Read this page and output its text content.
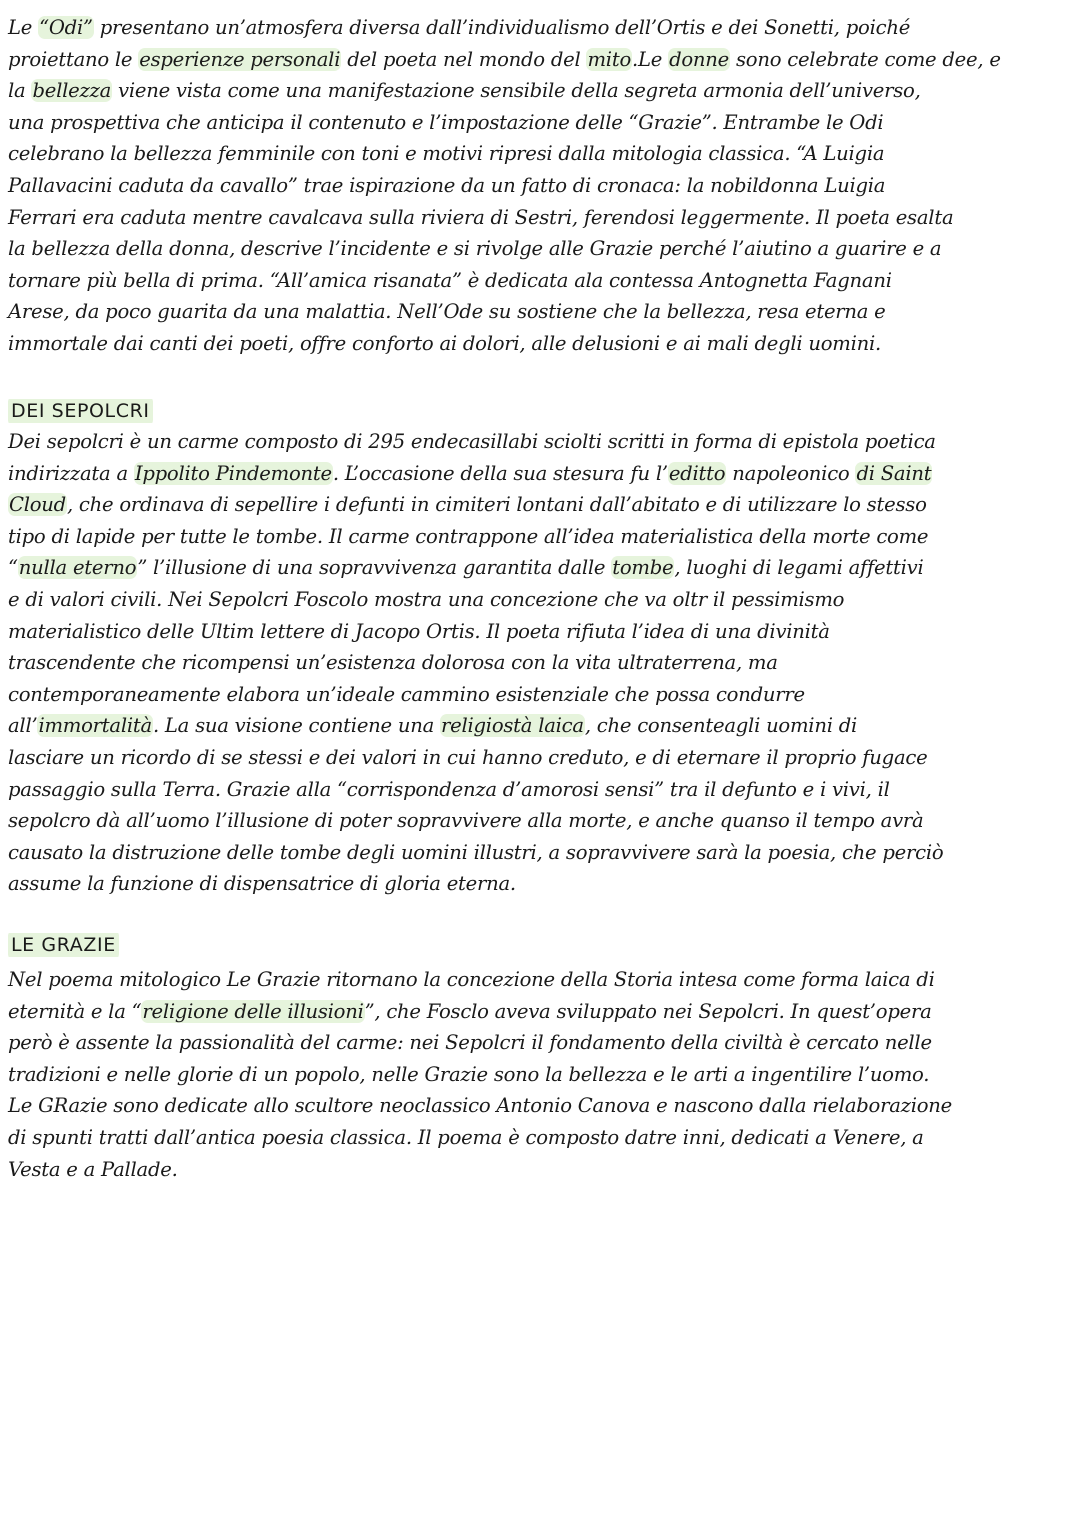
Le “Odi” presentano un’atmosfera diversa dall’individualismo dell’Ortis e dei Sonetti, poiché
proiettano le esperienze personali del poeta nel mondo del mito.Le donne sono celebrate come dee, e
la bellezza viene vista come una manifestazione sensibile della segreta armonia dell’universo,
una prospettiva che anticipa il contenuto e l’impostazione delle “Grazie”. Entrambe le Odi
celebrano la bellezza femminile con toni e motivi ripresi dalla mitologia classica. “A Luigia
Pallavacini caduta da cavallo” trae ispirazione da un fatto di cronaca: la nobildonna Luigia
Ferrari era caduta mentre cavalcava sulla riviera di Sestri, ferendosi leggermente. Il poeta esalta
la bellezza della donna, descrive l’incidente e si rivolge alle Grazie perché l’aiutino a guarire e a
tornare più bella di prima. “All’amica risanata” è dedicata ala contessa Antognetta Fagnani
Arese, da poco guarita da una malattia. Nell’Ode su sostiene che la bellezza, resa eterna e
immortale dai canti dei poeti, offre conforto ai dolori, alle delusioni e ai mali degli uomini.
DEI SEPOLCRI
Dei sepolcri è un carme composto di 295 endecasillabi sciolti scritti in forma di epistola poetica
indirizzata a Ippolito Pindemonte. L’occasione della sua stesura fu l’editto napoleonico di Saint
Cloud, che ordinava di sepellire i defunti in cimiteri lontani dall’abitato e di utilizzare lo stesso
tipo di lapide per tutte le tombe. Il carme contrappone all’idea materialistica della morte come
“nulla eterno” l’illusione di una sopravvivenza garantita dalle tombe, luoghi di legami affettivi
e di valori civili. Nei Sepolcri Foscolo mostra una concezione che va oltr il pessimismo
materialistico delle Ultim lettere di Jacopo Ortis. Il poeta rifiuta l’idea di una divinità
trascendente che ricompensi un’esistenza dolorosa con la vita ultraterrena, ma
contemporaneamente elabora un’ideale cammino esistenziale che possa condurre
all’immortalità. La sua visione contiene una religiostà laica, che consenteagli uomini di
lasciare un ricordo di se stessi e dei valori in cui hanno creduto, e di eternare il proprio fugace
passaggio sulla Terra. Grazie alla “corrispondenza d’amorosi sensi” tra il defunto e i vivi, il
sepolcro dà all’uomo l’illusione di poter sopravvivere alla morte, e anche quanso il tempo avrà
causato la distruzione delle tombe degli uomini illustri, a sopravvivere sarà la poesia, che perciò
assume la funzione di dispensatrice di gloria eterna.
LE GRAZIE
Nel poema mitologico Le Grazie ritornano la concezione della Storia intesa come forma laica di
eternità e la “religione delle illusioni”, che Fosclo aveva sviluppato nei Sepolcri. In quest’opera
però è assente la passionalità del carme: nei Sepolcri il fondamento della civiltà è cercato nelle
tradizioni e nelle glorie di un popolo, nelle Grazie sono la bellezza e le arti a ingentilire l’uomo.
Le GRazie sono dedicate allo scultore neoclassico Antonio Canova e nascono dalla rielaborazione
di spunti tratti dall’antica poesia classica. Il poema è composto datre inni, dedicati a Venere, a
Vesta e a Pallade.
